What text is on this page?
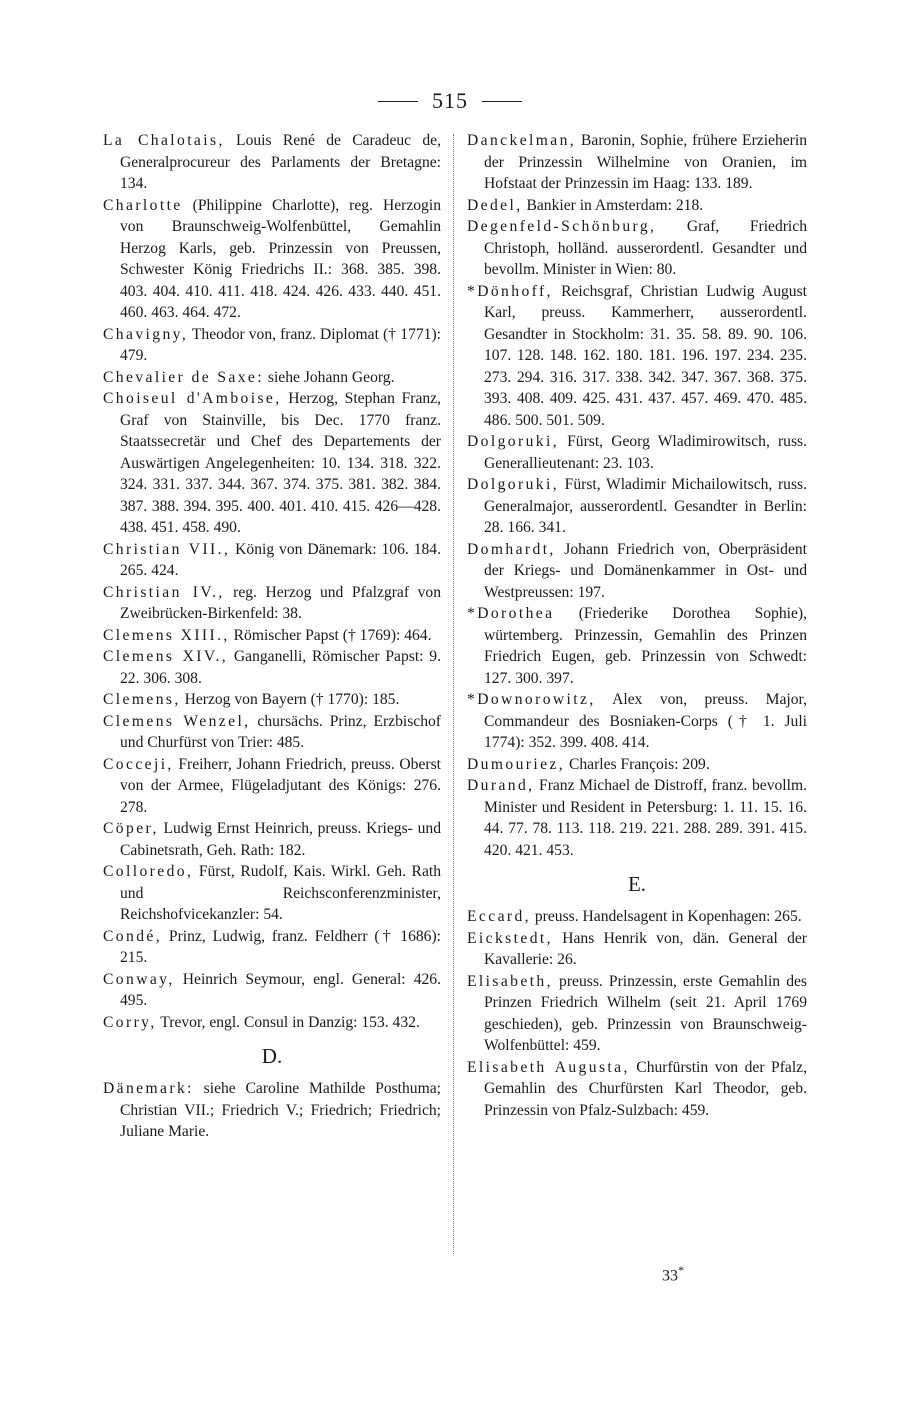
515

La Chalotais, Louis René de Caradeuc de, Generalprocureur des Parlaments der Bretagne: 134.

Charlotte (Philippine Charlotte), reg. Herzogin von Braunschweig-Wolfenbüttel, Gemahlin Herzog Karls, geb. Prinzessin von Preussen, Schwester König Friedrichs II.: 368. 385. 398. 403. 404. 410. 411. 418. 424. 426. 433. 440. 451. 460. 463. 464. 472.

Chavigny, Theodor von, franz. Diplomat († 1771): 479.

Chevalier de Saxe: siehe Johann Georg.

Choiseul d'Amboise, Herzog, Stephan Franz, Graf von Stainville, bis Dec. 1770 franz. Staatssecretär und Chef des Departements der Auswärtigen Angelegenheiten: 10. 134. 318. 322. 324. 331. 337. 344. 367. 374. 375. 381. 382. 384. 387. 388. 394. 395. 400. 401. 410. 415. 426—428. 438. 451. 458. 490.

Christian VII., König von Dänemark: 106. 184. 265. 424.

Christian IV., reg. Herzog und Pfalzgraf von Zweibrücken-Birkenfeld: 38.

Clemens XIII., Römischer Papst († 1769): 464.

Clemens XIV., Ganganelli, Römischer Papst: 9. 22. 306. 308.

Clemens, Herzog von Bayern († 1770): 185.

Clemens Wenzel, chursächs. Prinz, Erzbischof und Churfürst von Trier: 485.

Cocceji, Freiherr, Johann Friedrich, preuss. Oberst von der Armee, Flügeladjutant des Königs: 276. 278.

Cöper, Ludwig Ernst Heinrich, preuss. Kriegs- und Cabinetsrath, Geh. Rath: 182.

Colloredo, Fürst, Rudolf, Kais. Wirkl. Geh. Rath und Reichsconferenzminister, Reichshofvicekanzler: 54.

Condé, Prinz, Ludwig, franz. Feldherr († 1686): 215.

Conway, Heinrich Seymour, engl. General: 426. 495.

Corry, Trevor, engl. Consul in Danzig: 153. 432.

D.

Dänemark: siehe Caroline Mathilde Posthuma; Christian VII.; Friedrich V.; Friedrich; Friedrich; Juliane Marie.

Danckelman, Baronin, Sophie, frühere Erzieherin der Prinzessin Wilhelmine von Oranien, im Hofstaat der Prinzessin im Haag: 133. 189.

Dedel, Bankier in Amsterdam: 218.

Degenfeld-Schönburg, Graf, Friedrich Christoph, holländ. ausserordentl. Gesandter und bevollm. Minister in Wien: 80.

*Dönhoff, Reichsgraf, Christian Ludwig August Karl, preuss. Kammerherr, ausserordentl. Gesandter in Stockholm: 31. 35. 58. 89. 90. 106. 107. 128. 148. 162. 180. 181. 196. 197. 234. 235. 273. 294. 316. 317. 338. 342. 347. 367. 368. 375. 393. 408. 409. 425. 431. 437. 457. 469. 470. 485. 486. 500. 501. 509.

Dolgoruki, Fürst, Georg Wladimirowitsch, russ. Generallieutenant: 23. 103.

Dolgoruki, Fürst, Wladimir Michailowitsch, russ. Generalmajor, ausserordentl. Gesandter in Berlin: 28. 166. 341.

Domhardt, Johann Friedrich von, Oberpräsident der Kriegs- und Domänenkammer in Ost- und Westpreussen: 197.

*Dorothea (Friederike Dorothea Sophie), würtemberg. Prinzessin, Gemahlin des Prinzen Friedrich Eugen, geb. Prinzessin von Schwedt: 127. 300. 397.

*Downorowitz, Alex von, preuss. Major, Commandeur des Bosniaken-Corps († 1. Juli 1774): 352. 399. 408. 414.

Dumouriez, Charles François: 209.

Durand, Franz Michael de Distroff, franz. bevollm. Minister und Resident in Petersburg: 1. 11. 15. 16. 44. 77. 78. 113. 118. 219. 221. 288. 289. 391. 415. 420. 421. 453.

E.

Eccard, preuss. Handelsagent in Kopenhagen: 265.

Eickstedt, Hans Henrik von, dän. General der Kavallerie: 26.

Elisabeth, preuss. Prinzessin, erste Gemahlin des Prinzen Friedrich Wilhelm (seit 21. April 1769 geschieden), geb. Prinzessin von Braunschweig-Wolfenbüttel: 459.

Elisabeth Augusta, Churfürstin von der Pfalz, Gemahlin des Churfürsten Karl Theodor, geb. Prinzessin von Pfalz-Sulzbach: 459.

33*
